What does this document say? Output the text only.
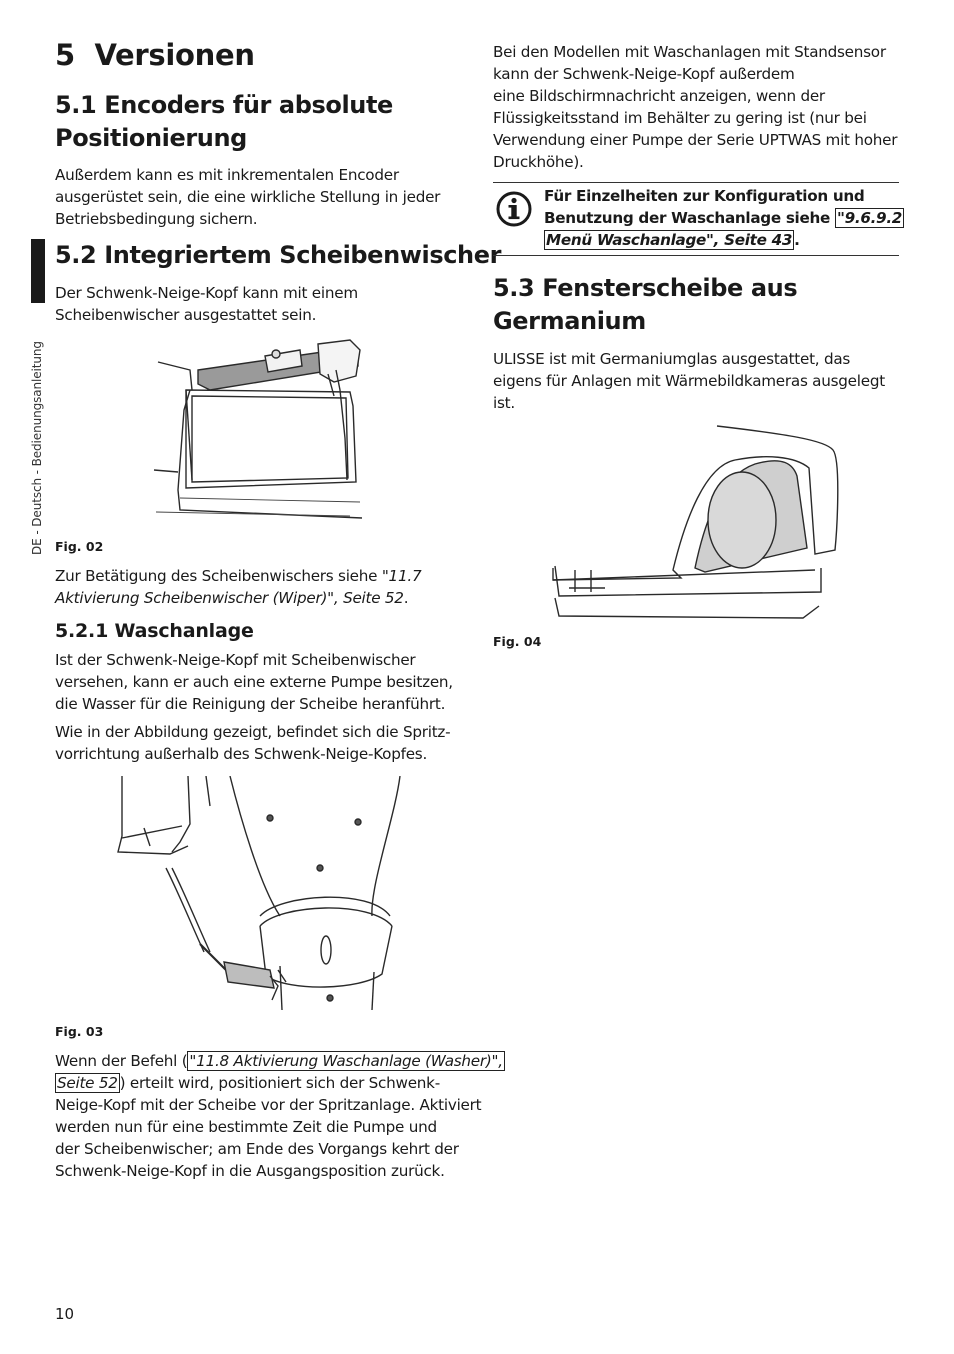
DE - Deutsch - Bedienungsanleitung
5 Versionen
5.1 Encoders für absolute
Positionierung
Außerdem kann es mit inkrementalen Encoder
ausgerüstet sein, die eine wirkliche Stellung in jeder
Betriebsbedingung sichern.
5.2 Integriertem Scheibenwischer
Der Schwenk-Neige-Kopf kann mit einem
Scheibenwischer ausgestattet sein.
Fig. 02
Zur Betätigung des Scheibenwischers siehe "11.7
Aktivierung Scheibenwischer (Wiper)", Seite 52.
5.2.1 Waschanlage
Ist der Schwenk-Neige-Kopf mit Scheibenwischer
versehen, kann er auch eine externe Pumpe besitzen,
die Wasser für die Reinigung der Scheibe heranführt.
Wie in der Abbildung gezeigt, befindet sich die Spritz-
vorrichtung außerhalb des Schwenk-Neige-Kopfes.
Fig. 03
Wenn der Befehl ( "11.8 Aktivierung Waschanlage (Washer)",
Seite 52 ) erteilt wird, positioniert sich der Schwenk-
Neige-Kopf mit der Scheibe vor der Spritzanlage. Aktiviert
werden nun für eine bestimmte Zeit die Pumpe und
der Scheibenwischer; am Ende des Vorgangs kehrt der
Schwenk-Neige-Kopf in die Ausgangsposition zurück.
Bei den Modellen mit Waschanlagen mit Standsensor
kann der Schwenk-Neige-Kopf außerdem
eine Bildschirmnachricht anzeigen, wenn der
Flüssigkeitsstand im Behälter zu gering ist (nur bei
Verwendung einer Pumpe der Serie UPTWAS mit hoher
Druckhöhe).
Für Einzelheiten zur Konfiguration und
Benutzung der Waschanlage siehe "9.6.9.2
Menü Waschanlage", Seite 43 .
5.3 Fensterscheibe aus
Germanium
ULISSE ist mit Germaniumglas ausgestattet, das
eigens für Anlagen mit Wärmebildkameras ausgelegt
ist.
Fig. 04
10
